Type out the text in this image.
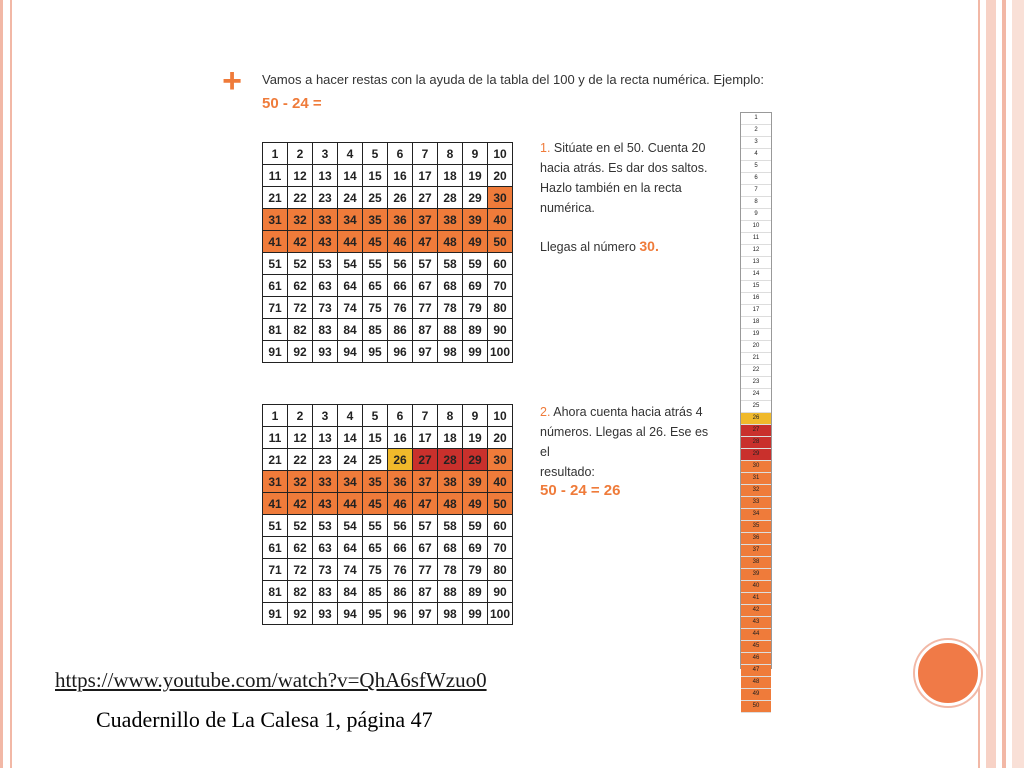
+ Vamos a hacer restas con la ayuda de la tabla del 100 y de la recta numérica. Ejemplo:
50 - 24 =
1	2	3	4	5	6	7	8	9	10
11	12	13	14	15	16	17	18	19	20
21	22	23	24	25	26	27	28	29	30
31	32	33	34	35	36	37	38	39	40
41	42	43	44	45	46	47	48	49	50
51	52	53	54	55	56	57	58	59	60
61	62	63	64	65	66	67	68	69	70
71	72	73	74	75	76	77	78	79	80
81	82	83	84	85	86	87	88	89	90
91	92	93	94	95	96	97	98	99	100
1	2	3	4	5	6	7	8	9	10
11	12	13	14	15	16	17	18	19	20
21	22	23	24	25	26	27	28	29	30
31	32	33	34	35	36	37	38	39	40
41	42	43	44	45	46	47	48	49	50
51	52	53	54	55	56	57	58	59	60
61	62	63	64	65	66	67	68	69	70
71	72	73	74	75	76	77	78	79	80
81	82	83	84	85	86	87	88	89	90
91	92	93	94	95	96	97	98	99	100
1. Sitúate en el 50. Cuenta 20
hacia atrás. Es dar dos saltos.
Hazlo también en la recta
numérica.
Llegas al número 30.
2. Ahora cuenta hacia atrás 4
números. Llegas al 26. Ese es el
resultado:
50 - 24 = 26
1
2
3
4
5
6
7
8
9
10
11
12
13
14
15
16
17
18
19
20
21
22
23
24
25
26
27
28
29
30
31
32
33
34
35
36
37
38
39
40
41
42
43
44
45
46
47
48
49
50
https://www.youtube.com/watch?v=QhA6sfWzuo0
Cuadernillo de La Calesa 1, página 47
